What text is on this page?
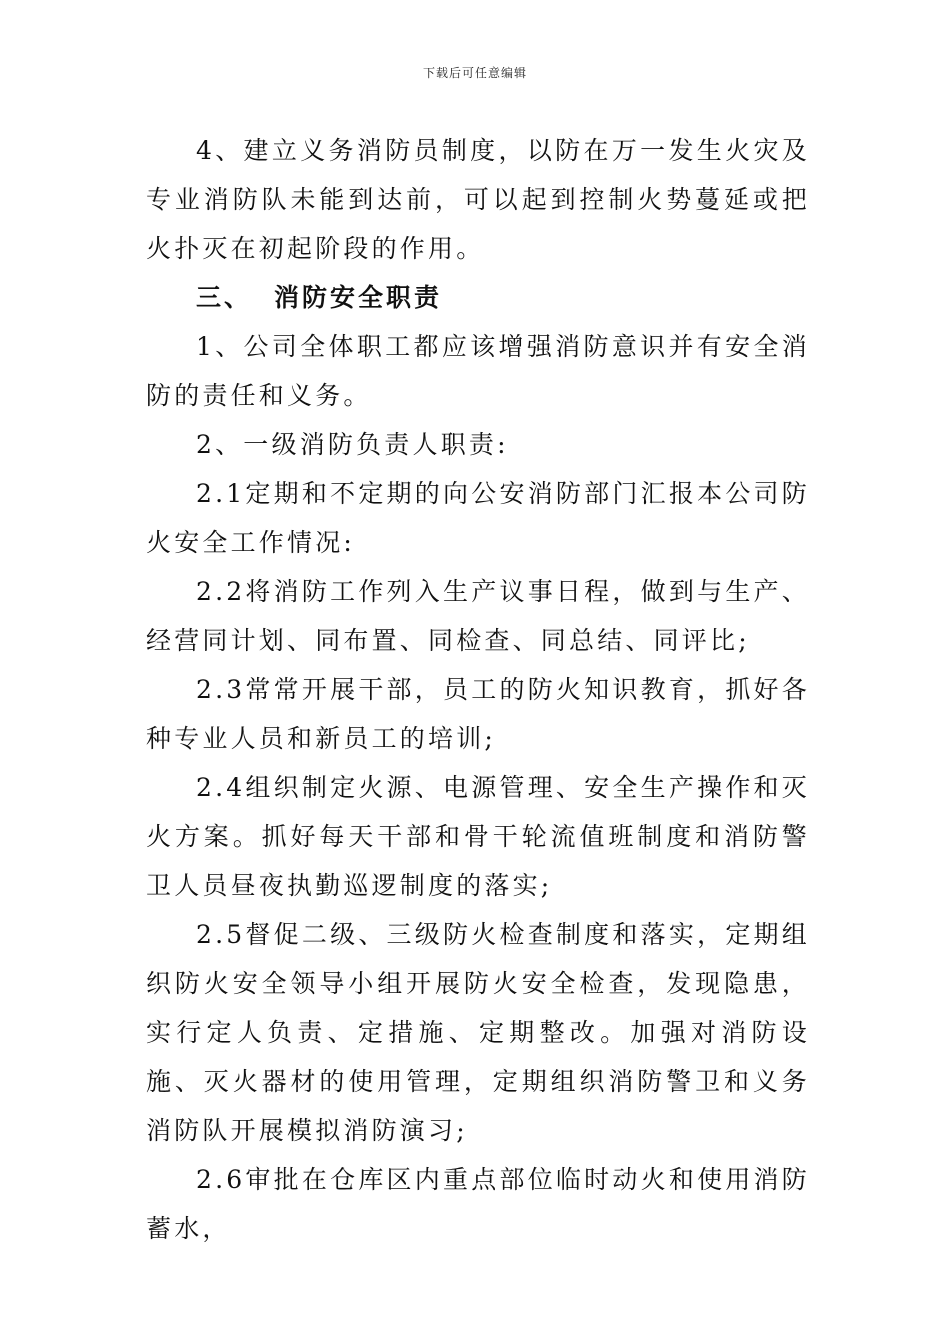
下载后可任意编辑

4、建立义务消防员制度，以防在万一发生火灾及专业消防队未能到达前，可以起到控制火势蔓延或把火扑灭在初起阶段的作用。

三、 消防安全职责

1、公司全体职工都应该增强消防意识并有安全消防的责任和义务。

2、一级消防负责人职责:

2.1定期和不定期的向公安消防部门汇报本公司防火安全工作情况:

2.2将消防工作列入生产议事日程，做到与生产、经营同计划、同布置、同检查、同总结、同评比;

2.3常常开展干部，员工的防火知识教育，抓好各种专业人员和新员工的培训;

2.4组织制定火源、电源管理、安全生产操作和灭火方案。抓好每天干部和骨干轮流值班制度和消防警卫人员昼夜执勤巡逻制度的落实;

2.5督促二级、三级防火检查制度和落实，定期组织防火安全领导小组开展防火安全检查，发现隐患，实行定人负责、定措施、定期整改。加强对消防设施、灭火器材的使用管理，定期组织消防警卫和义务消防队开展模拟消防演习;

2.6审批在仓库区内重点部位临时动火和使用消防蓄水，
